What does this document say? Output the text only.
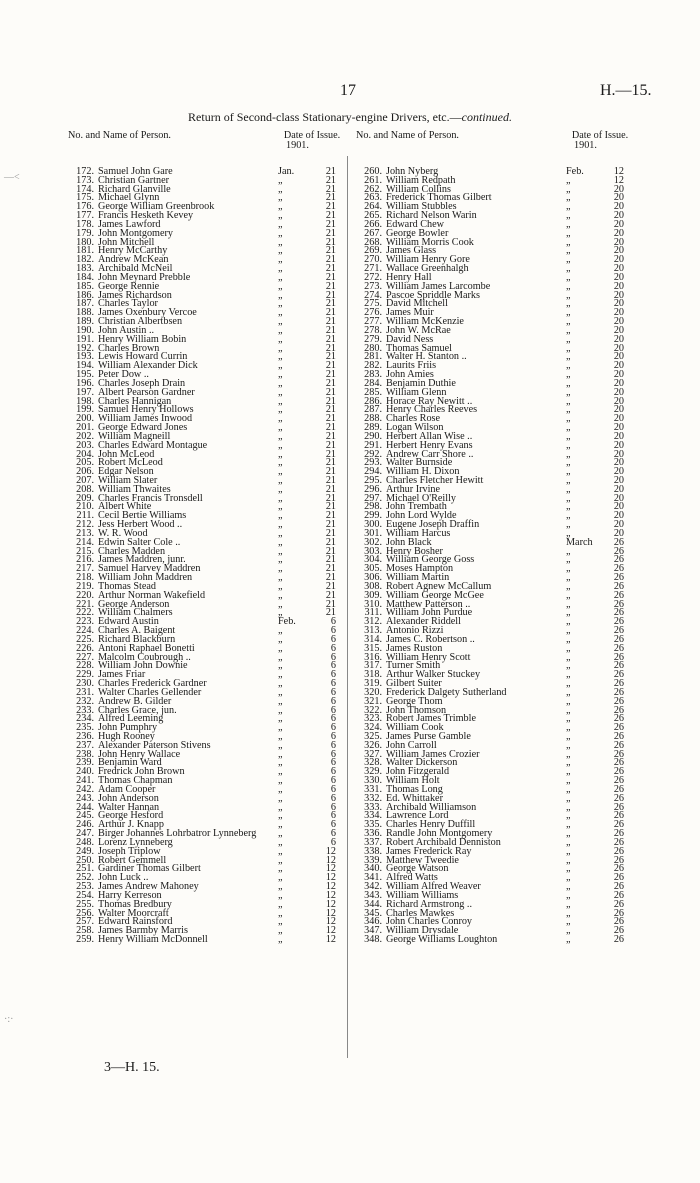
17	H.—15.
Return of Second-class Stationary-engine Drivers, etc.—continued.
No. and Name of Person.	Date of Issue.
1901.
172. Samuel John Gare	Jan.	21
173. Christian Gartner	„	21
174. Richard Glanville	„	21
175. Michael Glynn	„	21
176. George William Greenbrook	„	21
177. Francis Hesketh Kevey	„	21
178. James Lawford	„	21
179. John Montgomery	„	21
180. John Mitchell	„	21
181. Henry McCarthy	„	21
182. Andrew McKean	„	21
183. Archibald McNeil	„	21
184. John Meynard Prebble	„	21
185. George Rennie	„	21
186. James Richardson	„	21
187. Charles Taylor	„	21
188. James Oxenbury Vercoe	„	21
189. Christian Albertbsen	„	21
190. John Austin ..	„	21
191. Henry William Bobin	„	21
192. Charles Brown	„	21
193. Lewis Howard Currin	„	21
194. William Alexander Dick	„	21
195. Peter Dow ..	„	21
196. Charles Joseph Drain	„	21
197. Albert Pearson Gardner	„	21
198. Charles Hannigan	„	21
199. Samuel Henry Hollows	„	21
200. William James Inwood	„	21
201. George Edward Jones	„	21
202. William Magneill	„	21
203. Charles Edward Montague	„	21
204. John McLeod	„	21
205. Robert McLeod	„	21
206. Edgar Nelson	„	21
207. William Slater	„	21
208. William Thwaites	„	21
209. Charles Francis Tronsdell	„	21
210. Albert White	„	21
211. Cecil Bertie Williams	„	21
212. Jess Herbert Wood ..	„	21
213. W. R. Wood	„	21
214. Edwin Salter Cole ..	„	21
215. Charles Madden	„	21
216. James Maddren, junr.	„	21
217. Samuel Harvey Maddren	„	21
218. William John Maddren	„	21
219. Thomas Stead	„	21
220. Arthur Norman Wakefield	„	21
221. George Anderson	„	21
222. William Chalmers	„	21
223. Edward Austin	Feb.	6
224. Charles A. Baigent	„	6
225. Richard Blackburn	„	6
226. Antoni Raphael Bonetti	„	6
227. Malcolm Coubrough ..	„	6
228. William John Downie	„	6
229. James Friar	„	6
230. Charles Frederick Gardner	„	6
231. Walter Charles Gellender	„	6
232. Andrew B. Gilder	„	6
233. Charles Grace, jun.	„	6
234. Alfred Leeming	„	6
235. John Pumphry	„	6
236. Hugh Rooney	„	6
237. Alexander Paterson Stivens	„	6
238. John Henry Wallace	„	6
239. Benjamin Ward	„	6
240. Fredrick John Brown	„	6
241. Thomas Chapman	„	6
242. Adam Cooper	„	6
243. John Anderson	„	6
244. Walter Hannan	„	6
245. George Hesford	„	6
246. Arthur J. Knapp	„	6
247. Birger Johannes Lohrbatror Lynneberg „	6
248. Lorenz Lynneberg	„	6
249. Joseph Triplow	„	12
250. Robert Gemmell	„	12
251. Gardiner Thomas Gilbert	„	12
252. John Luck ..	„	12
253. James Andrew Mahoney	„	12
254. Harry Kerreson	„	12
255. Thomas Bredbury	„	12
256. Walter Moorcraft	„	12
257. Edward Rainsford	„	12
258. James Barmby Marris	„	12
259. Henry William McDonnell	„	12
No. and Name of Person.	Date of Issue.
1901.
260. John Nyberg	Feb.	12
261. William Redpath	„	12
262. William Collins	„	20
263. Frederick Thomas Gilbert	„	20
264. William Stubbles	„	20
265. Richard Nelson Warin	„	20
266. Edward Chew	„	20
267. George Bowler	„	20
268. William Morris Cook	„	20
269. James Glass	„	20
270. William Henry Gore	„	20
271. Wallace Greenhalgh	„	20
272. Henry Hall	„	20
273. William James Larcombe	„	20
274. Pascoe Spriddle Marks	„	20
275. David Mitchell	„	20
276. James Muir	„	20
277. William McKenzie	„	20
278. John W. McRae	„	20
279. David Ness	„	20
280. Thomas Samuel	„	20
281. Walter H. Stanton ..	„	20
282. Laurits Friis	„	20
283. John Amies	„	20
284. Benjamin Duthie	„	20
285. William Glenn	„	20
286. Horace Ray Newitt ..	„	20
287. Henry Charles Reeves	„	20
288. Charles Rose	„	20
289. Logan Wilson	„	20
290. Herbert Allan Wise ..	„	20
291. Herbert Henry Evans	„	20
292. Andrew Carr Shore ..	„	20
293. Walter Burnside	„	20
294. William H. Dixon	„	20
295. Charles Fletcher Hewitt	„	20
296. Arthur Irvine	„	20
297. Michael O'Reilly	„	20
298. John Trembath	„	20
299. John Lord Wylde	„	20
300. Eugene Joseph Draffin	„	20
301. William Harcus	„	20
302. John Black	March	26
303. Henry Bosher	„	26
304. William George Goss	„	26
305. Moses Hampton	„	26
306. William Martin	„	26
308. Robert Agnew McCallum	„	26
309. William George McGee	„	26
310. Matthew Patterson ..	„	26
311. William John Purdue	„	26
312. Alexander Riddell	„	26
313. Antonio Rizzi	„	26
314. James C. Robertson ..	„	26
315. James Ruston	„	26
316. William Henry Scott	„	26
317. Turner Smith	„	26
318. Arthur Walker Stuckey	„	26
319. Gilbert Suiter	„	26
320. Frederick Dalgety Sutherland	„	26
321. George Thom	„	26
322. John Thomson	„	26
323. Robert James Trimble	„	26
324. William Cook	„	26
325. James Purse Gamble	„	26
326. John Carroll	„	26
327. William James Crozier	„	26
328. Walter Dickerson	„	26
329. John Fitzgerald	„	26
330. William Holt	„	26
331. Thomas Long	„	26
332. Ed. Whittaker	„	26
333. Archibald Williamson	„	26
334. Lawrence Lord	„	26
335. Charles Henry Duffill	„	26
336. Randle John Montgomery	„	26
337. Robert Archibald Denniston	„	26
338. James Frederick Ray	„	26
339. Matthew Tweedie	„	26
340. George Watson	„	26
341. Alfred Watts	„	26
342. William Alfred Weaver	„	26
343. William Williams	„	26
344. Richard Armstrong ..	„	26
345. Charles Mawkes	„	26
346. John Charles Conroy	„	26
347. William Drysdale	„	26
348. George Williams Loughton	„	26
3—H. 15.
—<
·:·
